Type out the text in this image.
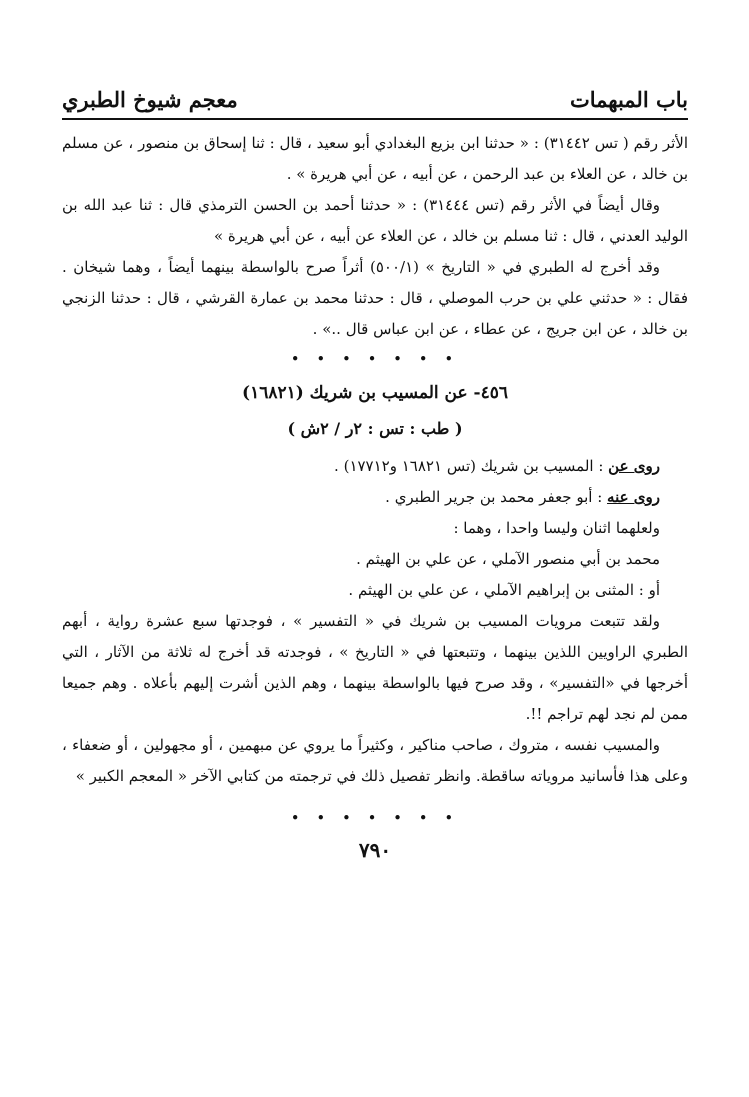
باب المبهمات
معجم شيوخ الطبري

الأثر رقم ( تس ٣١٤٤٢) : « حدثنا ابن بزيع البغدادي أبو سعيد ، قال : ثنا إسحاق بن منصور ، عن مسلم بن خالد ، عن العلاء بن عبد الرحمن ، عن أبيه ، عن أبي هريرة » .

وقال أيضاً في الأثر رقم (تس ٣١٤٤٤) : « حدثنا أحمد بن الحسن الترمذي قال : ثنا عبد الله بن الوليد العدني ، قال : ثنا مسلم بن خالد ، عن العلاء عن أبيه ، عن أبي هريرة »

وقد أخرج له الطبري في « التاريخ » (٥٠٠/١) أثراً صرح بالواسطة بينهما أيضاً ، وهما شيخان . فقال : « حدثني علي بن حرب الموصلي ، قال : حدثنا محمد بن عمارة القرشي ، قال : حدثنا الزنجي بن خالد ، عن ابن جريج ، عن عطاء ، عن ابن عباس قال ..» .

• • • • • • •
٤٥٦- عن المسيب بن شريك (١٦٨٢١)
( طب : تس : ٢ر / ٢ش )

روى عن : المسيب بن شريك (تس ١٦٨٢١ و١٧٧١٢) .

روى عنه : أبو جعفر محمد بن جرير الطبري .

ولعلهما اثنان وليسا واحدا ، وهما :

محمد بن أبي منصور الآملي ، عن علي بن الهيثم .

أو : المثنى بن إبراهيم الآملي ، عن علي بن الهيثم .

ولقد تتبعت مرويات المسيب بن شريك في « التفسير » ، فوجدتها سبع عشرة رواية ، أبهم الطبري الراويين اللذين بينهما ، وتتبعتها في « التاريخ » ، فوجدته قد أخرج له ثلاثة من الآثار ، التي أخرجها في «التفسير» ، وقد صرح فيها بالواسطة بينهما ، وهم الذين أشرت إليهم بأعلاه . وهم جميعا ممن لم نجد لهم تراجم !!.

والمسيب نفسه ، متروك ، صاحب مناكير ، وكثيراً ما يروي عن مبهمين ، أو مجهولين ، أو ضعفاء ، وعلى هذا فأسانيد مروياته ساقطة. وانظر تفصيل ذلك في ترجمته من كتابي الآخر « المعجم الكبير »

• • • • • • •
٧٩٠
